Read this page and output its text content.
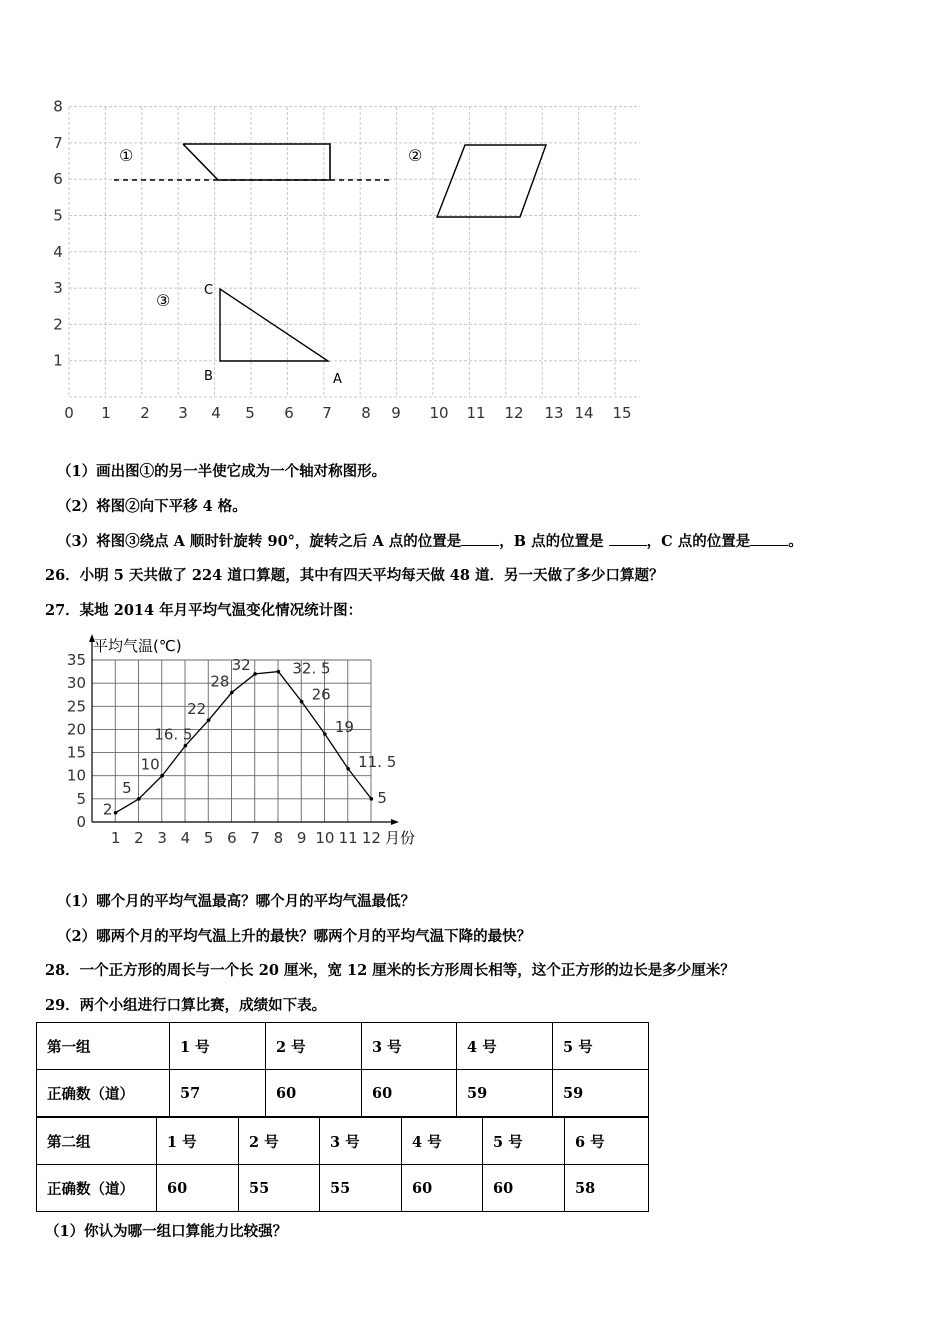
①	②
③
C
B	A
0 1 2 3 4 5 6 7 8 9 10 11 12 13 14 15
1
2
3
4
5
6
7
8
（1）画出图①的另一半使它成为一个轴对称图形。
（2）将图②向下平移 4 格。
（3）将图③绕点 A 顺时针旋转 90°，旋转之后 A 点的位置是	，B 点的位置是	，C 点的位置是	。
26．小明 5 天共做了 224 道口算题，其中有四天平均每天做 48 道．另一天做了多少口算题？
27．某地 2014 年月平均气温变化情况统计图：
0
5
10
15
20
25
30
35
1 2 3 4 5 6 7 8 9 10 11 12
2
5
10
16. 5
22
28
32	32. 5
26
19
11. 5
5
平均气温(℃)
月份
（1）哪个月的平均气温最高？哪个月的平均气温最低？
（2）哪两个月的平均气温上升的最快？哪两个月的平均气温下降的最快？
28．一个正方形的周长与一个长 20 厘米，宽 12 厘米的长方形周长相等，这个正方形的边长是多少厘米？
29．两个小组进行口算比赛，成绩如下表。
第一组	1 号	2 号	3 号	4 号	5 号
正确数（道）	57	60	60	59	59
第二组	1 号	2 号	3 号	4 号	5 号	6 号
正确数（道）	60	55	55	60	60	58
（1）你认为哪一组口算能力比较强？
